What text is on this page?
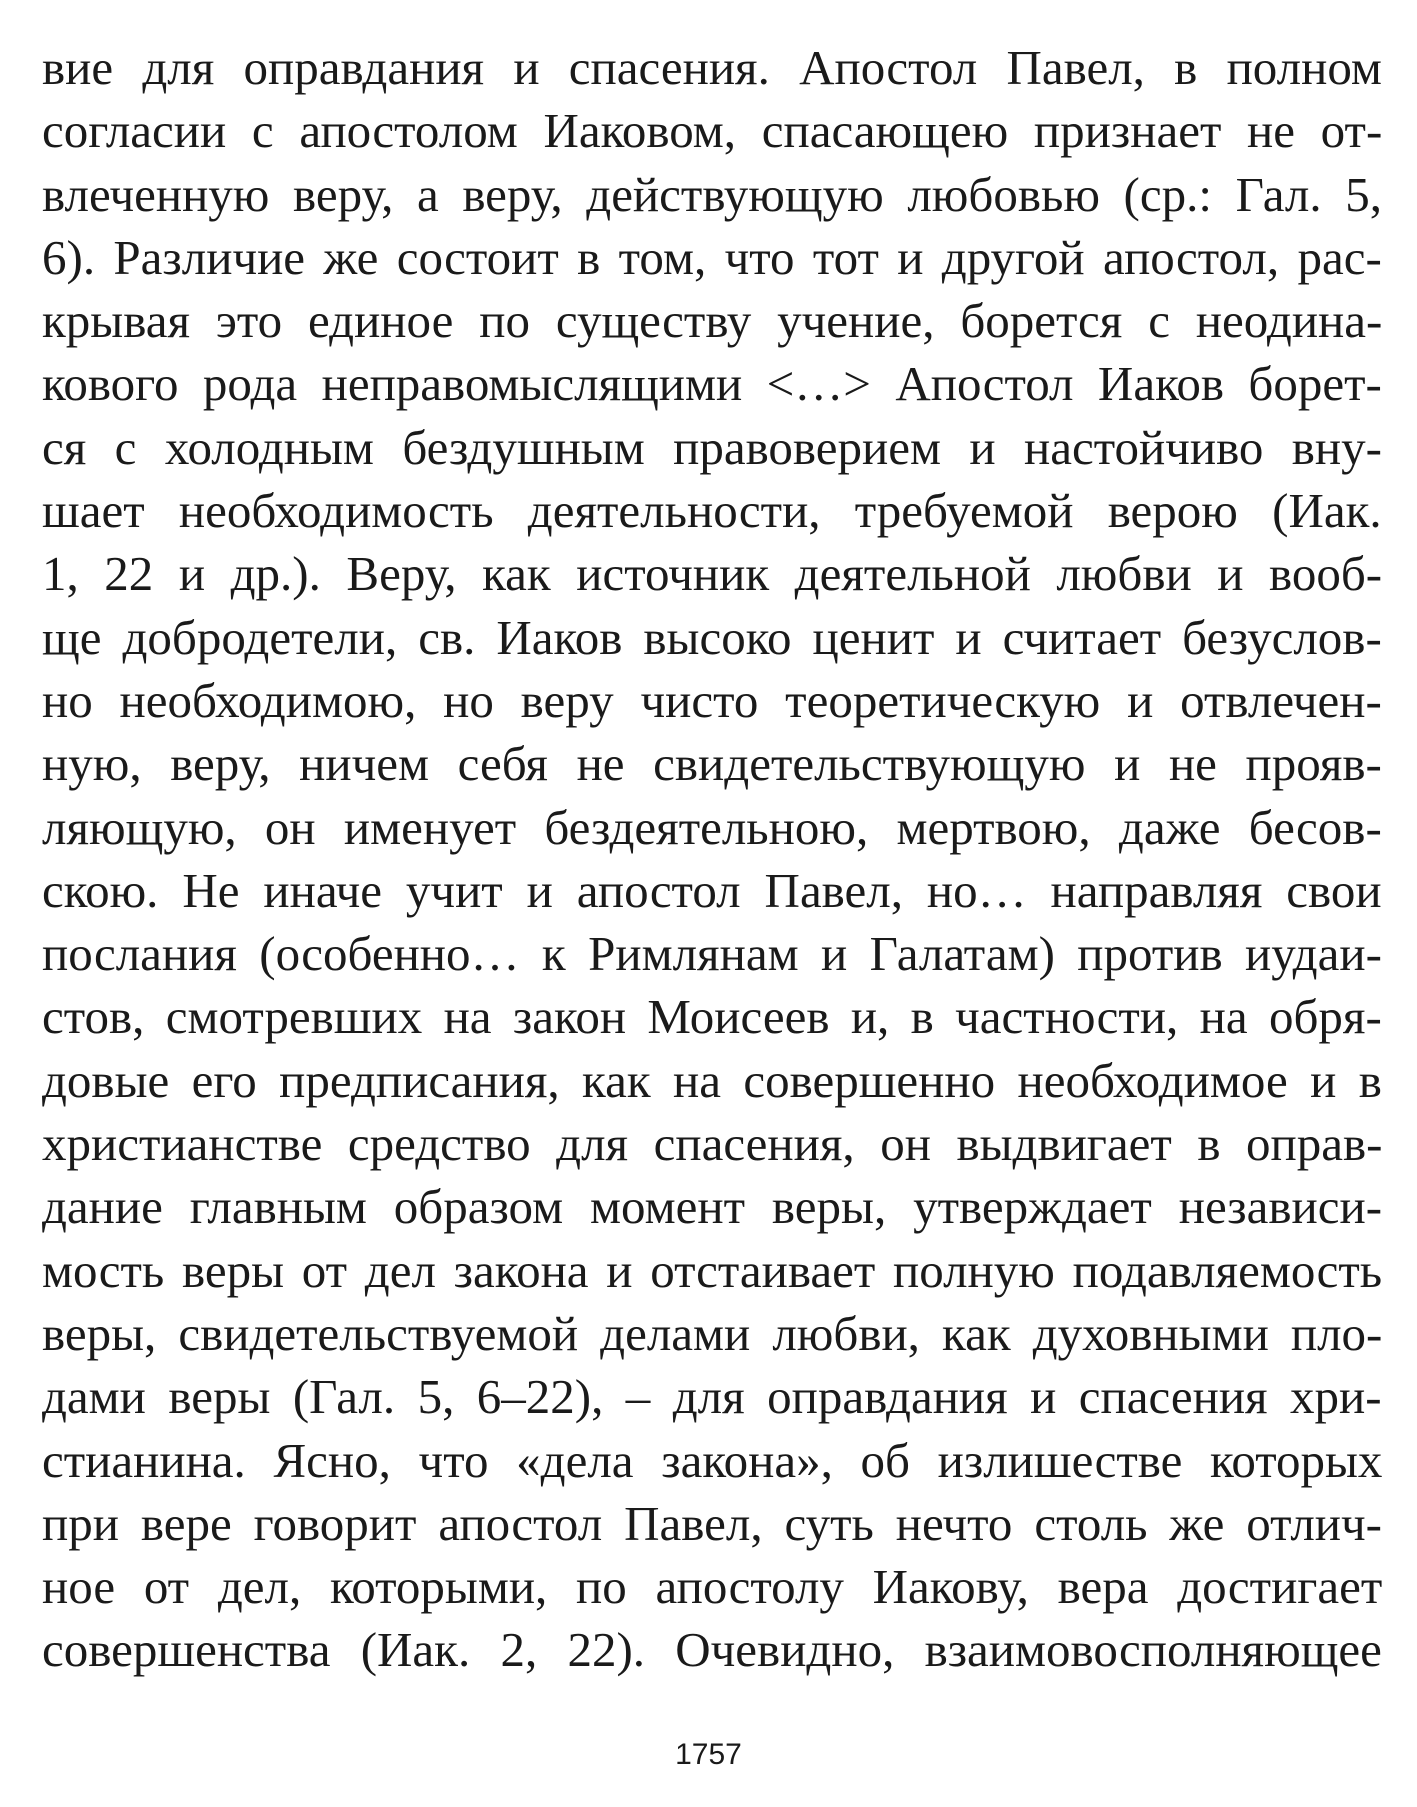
вие для оправдания и спасения. Апостол Павел, в полном
согласии с апостолом Иаковом, спасающею признает не от-
влеченную веру, а веру, действующую любовью (ср.: Гал. 5,
6). Различие же состоит в том, что тот и другой апостол, рас-
крывая это единое по существу учение, борется с неодина-
кового рода неправомыслящими <…> Апостол Иаков борет-
ся с холодным бездушным правоверием и настойчиво вну-
шает необходимость деятельности, требуемой верою (Иак.
1, 22 и др.). Веру, как источник деятельной любви и вооб-
ще добродетели, св. Иаков высоко ценит и считает безуслов-
но необходимою, но веру чисто теоретическую и отвлечен-
ную, веру, ничем себя не свидетельствующую и не прояв-
ляющую, он именует бездеятельною, мертвою, даже бесов-
скою. Не иначе учит и апостол Павел, но… направляя свои
послания (особенно… к Римлянам и Галатам) против иудаи-
стов, смотревших на закон Моисеев и, в частности, на обря-
довые его предписания, как на совершенно необходимое и в
христианстве средство для спасения, он выдвигает в оправ-
дание главным образом момент веры, утверждает независи-
мость веры от дел закона и отстаивает полную подавляемость
веры, свидетельствуемой делами любви, как духовными пло-
дами веры (Гал. 5, 6–22), – для оправдания и спасения хри-
стианина. Ясно, что «дела закона», об излишестве которых
при вере говорит апостол Павел, суть нечто столь же отлич-
ное от дел, которыми, по апостолу Иакову, вера достигает
совершенства (Иак. 2, 22). Очевидно, взаимовосполняющее
1757
